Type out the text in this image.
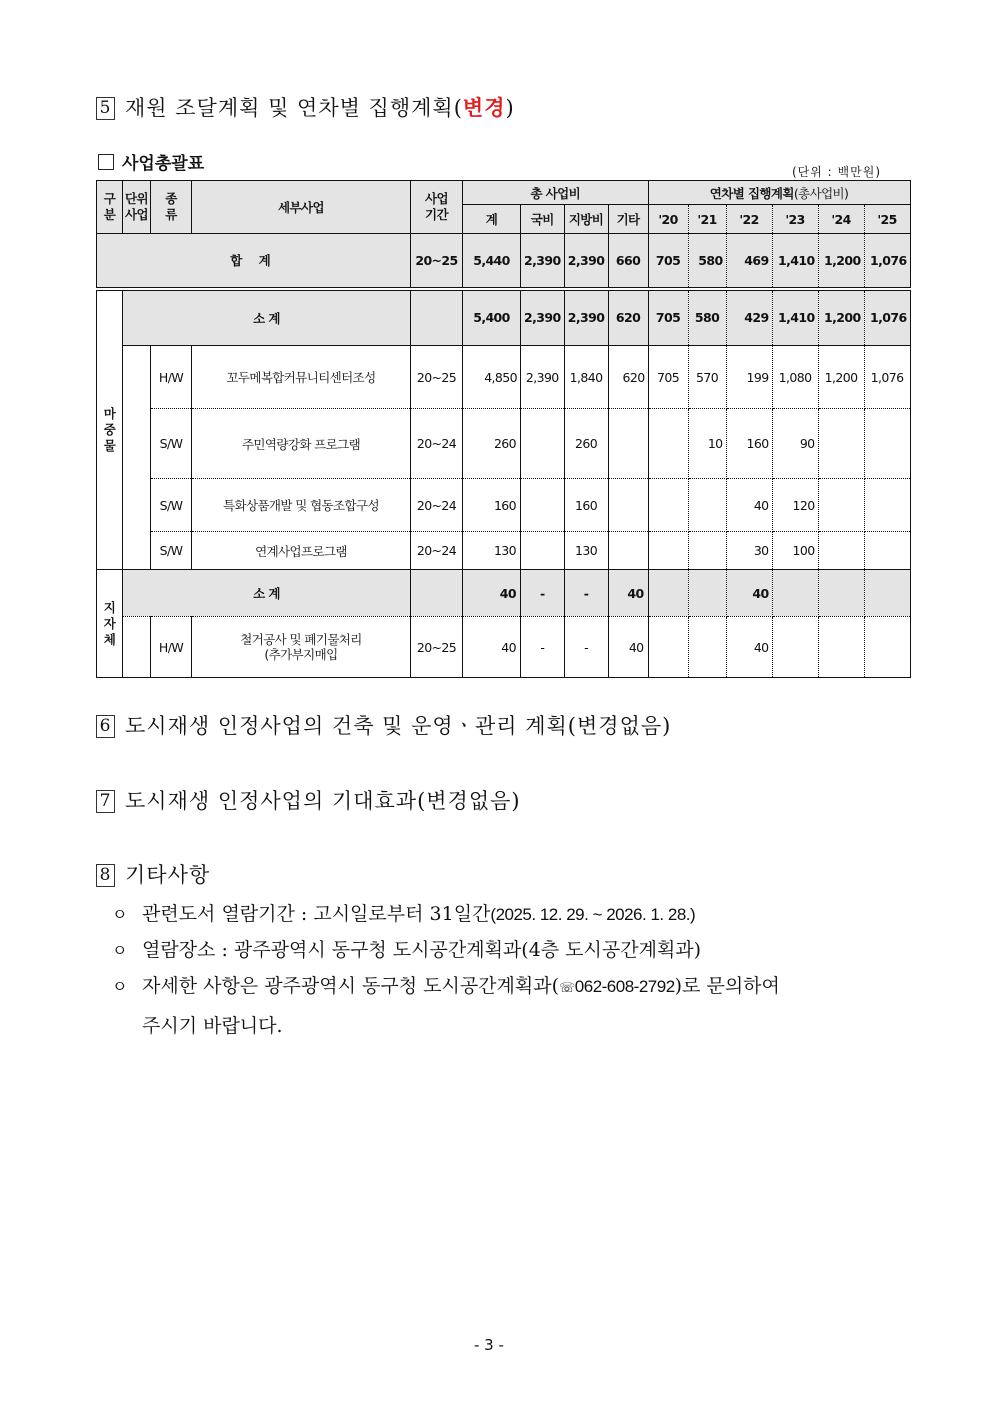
5 재원 조달계획 및 연차별 집행계획(변경)
사업총괄표	(단위 : 백만원)
구 분	단위 사업	종 류	세부사업	사업 기간	총 사업비				연차별 집행계획(총사업비)					
					계	국비	지방비	기타	'20	'21	'22	'23	'24	'25
합 계				20~25	5,440	2,390	2,390	660	705	580	469	1,410	1,200	1,076
마 중 물	소 계				5,400	2,390	2,390	620	705	580	429	1,410	1,200	1,076
		H/W	꼬두메복합커뮤니티센터조성	20~25	4,850	2,390	1,840	620	705	570	199	1,080	1,200	1,076
		S/W	주민역량강화 프로그램	20~24	260		260			10	160	90		
		S/W	특화상품개발 및 협동조합구성	20~24	160		160				40	120		
		S/W	연계사업프로그램	20~24	130		130				30	100		
지 자 체	소 계				40	-	-	40			40			
		H/W	철거공사 및 폐기물처리
(추가부지매입	20~25	40	-	-	40			40			
6 도시재생 인정사업의 건축 및 운영ㆍ관리 계획(변경없음)
7 도시재생 인정사업의 기대효과(변경없음)
8 기타사항
ㅇ 관련도서 열람기간 : 고시일로부터 31일간(2025. 12. 29. ~ 2026. 1. 28.)
ㅇ 열람장소 : 광주광역시 동구청 도시공간계획과(4층 도시공간계획과)
ㅇ 자세한 사항은 광주광역시 동구청 도시공간계획과(☏062-608-2792)로 문의하여
주시기 바랍니다.
- 3 -
